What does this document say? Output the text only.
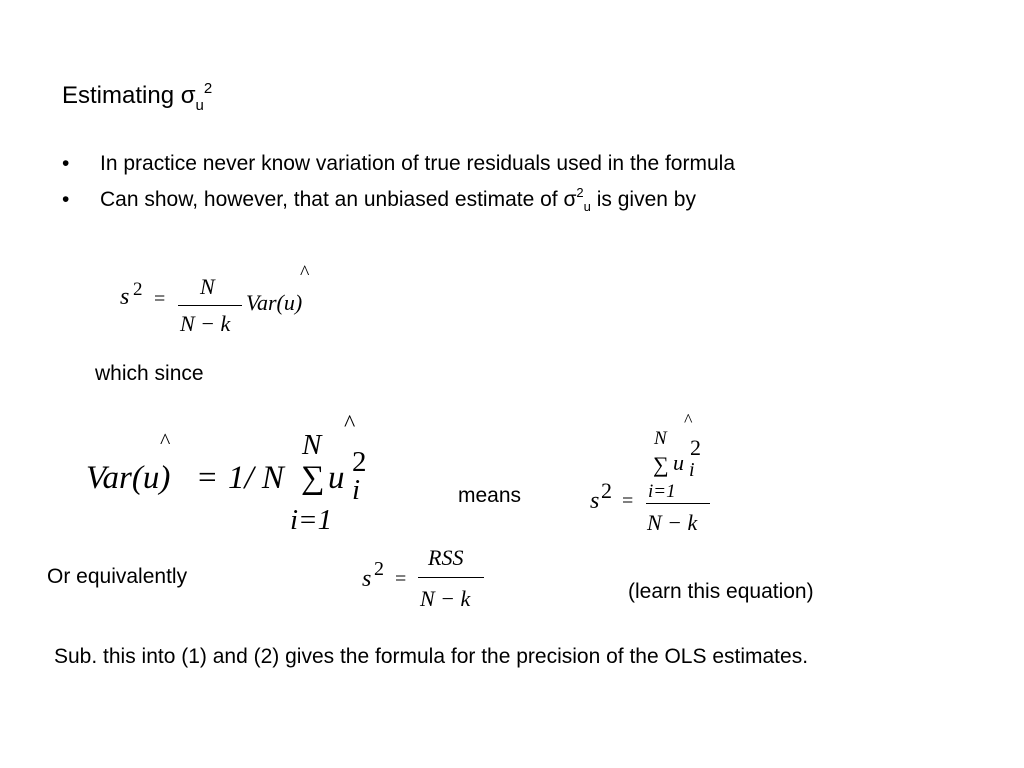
Estimating $\sigma_u^2$
• In practice never know variation of true residuals used in the formula
• Can show, however, that an unbiased estimate of $\sigma^2_u$ is given by
s 2 = N
N − k
^
Var(u)
which since
^
^
Var(u) = 1/ N
N
∑ u 2
i
i=1
means
^
s 2 =
N
∑ u
2
i
i=1
N − k
Or equivalently	s 2 =
RSS
N − k	(learn this equation)
Sub. this into (1) and (2) gives the formula for the precision of the OLS estimates.
